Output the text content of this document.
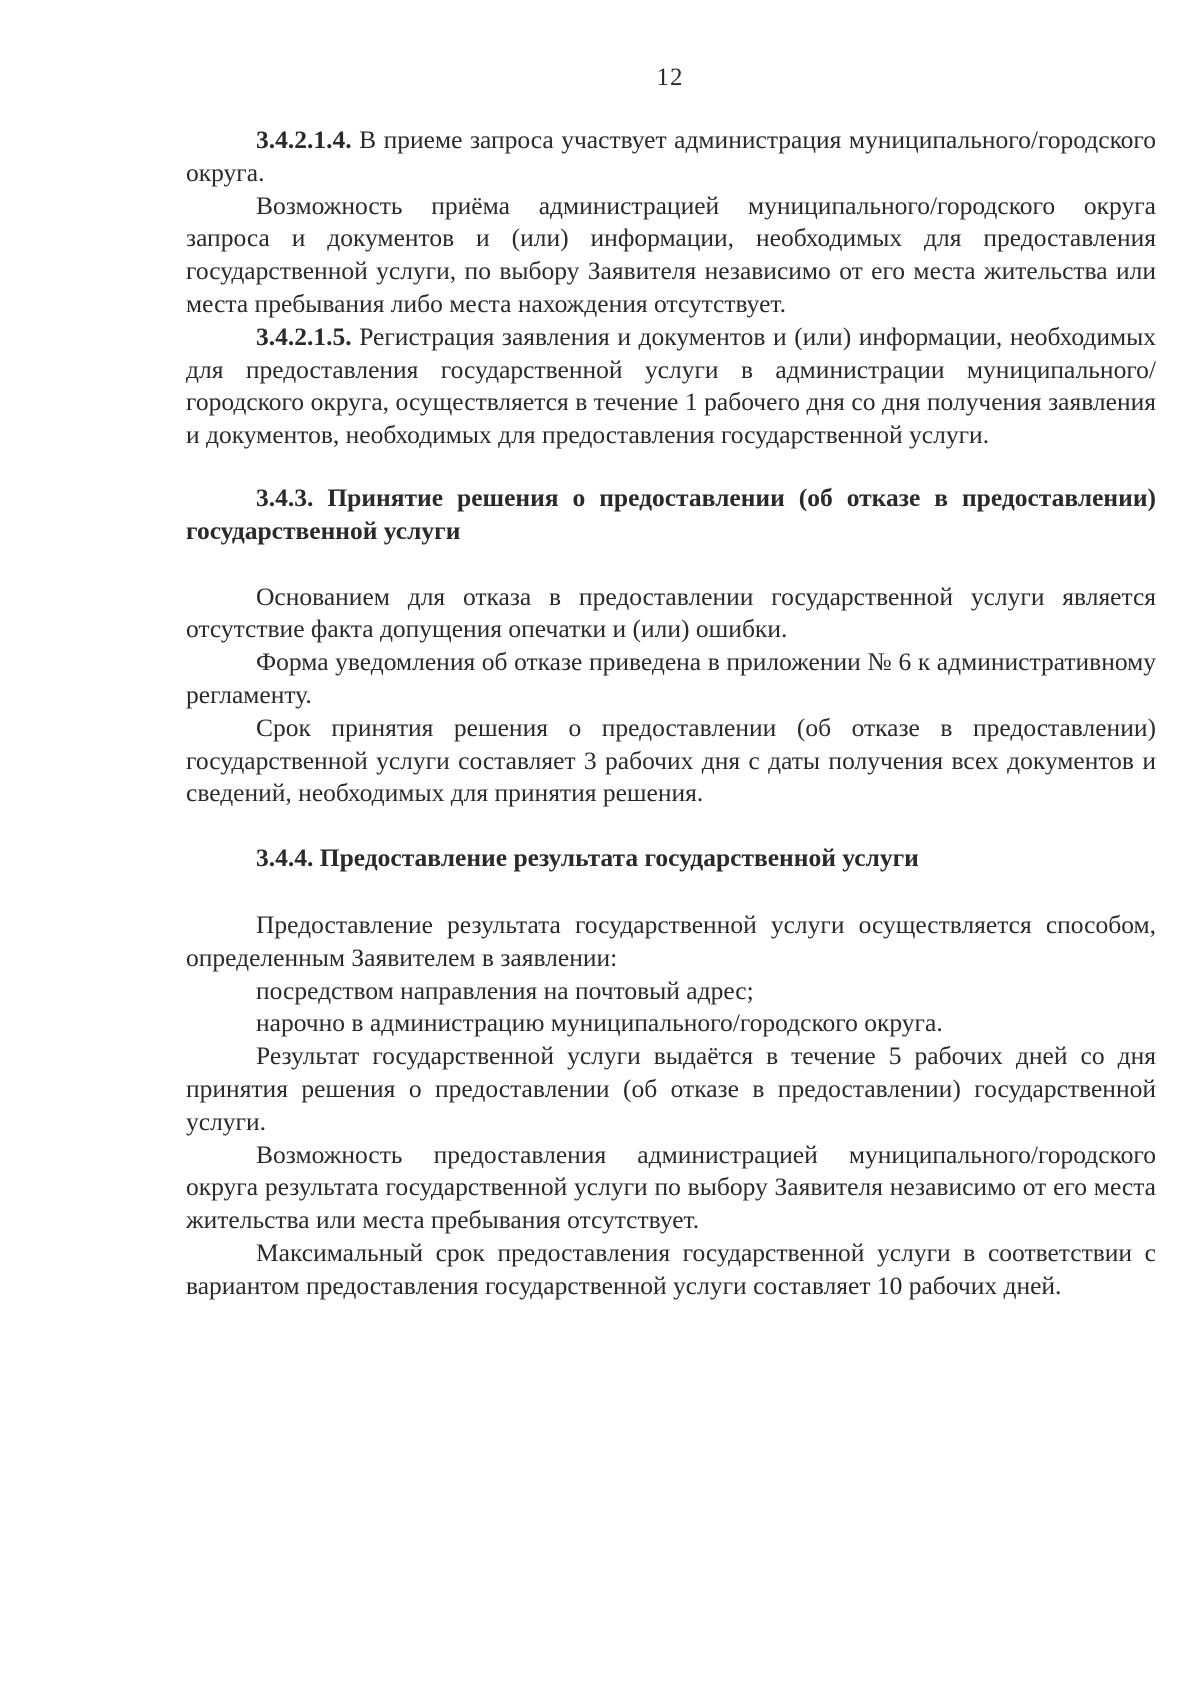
12

3.4.2.1.4. В приеме запроса участвует администрация муниципального/городского округа.

Возможность приёма администрацией муниципального/городского округа запроса и документов и (или) информации, необходимых для предоставления государственной услуги, по выбору Заявителя независимо от его места жительства или места пребывания либо места нахождения отсутствует.

3.4.2.1.5. Регистрация заявления и документов и (или) информации, необходимых для предоставления государственной услуги в администрации муниципального/городского округа, осуществляется в течение 1 рабочего дня со дня получения заявления и документов, необходимых для предоставления государственной услуги.

3.4.3. Принятие решения о предоставлении (об отказе в предоставлении) государственной услуги

Основанием для отказа в предоставлении государственной услуги является отсутствие факта допущения опечатки и (или) ошибки.

Форма уведомления об отказе приведена в приложении № 6 к административному регламенту.

Срок принятия решения о предоставлении (об отказе в предоставлении) государственной услуги составляет 3 рабочих дня с даты получения всех документов и сведений, необходимых для принятия решения.

3.4.4. Предоставление результата государственной услуги

Предоставление результата государственной услуги осуществляется способом, определенным Заявителем в заявлении:

посредством направления на почтовый адрес;

нарочно в администрацию муниципального/городского округа.

Результат государственной услуги выдаётся в течение 5 рабочих дней со дня принятия решения о предоставлении (об отказе в предоставлении) государственной услуги.

Возможность предоставления администрацией муниципального/городского округа результата государственной услуги по выбору Заявителя независимо от его места жительства или места пребывания отсутствует.

Максимальный срок предоставления государственной услуги в соответствии с вариантом предоставления государственной услуги составляет 10 рабочих дней.
